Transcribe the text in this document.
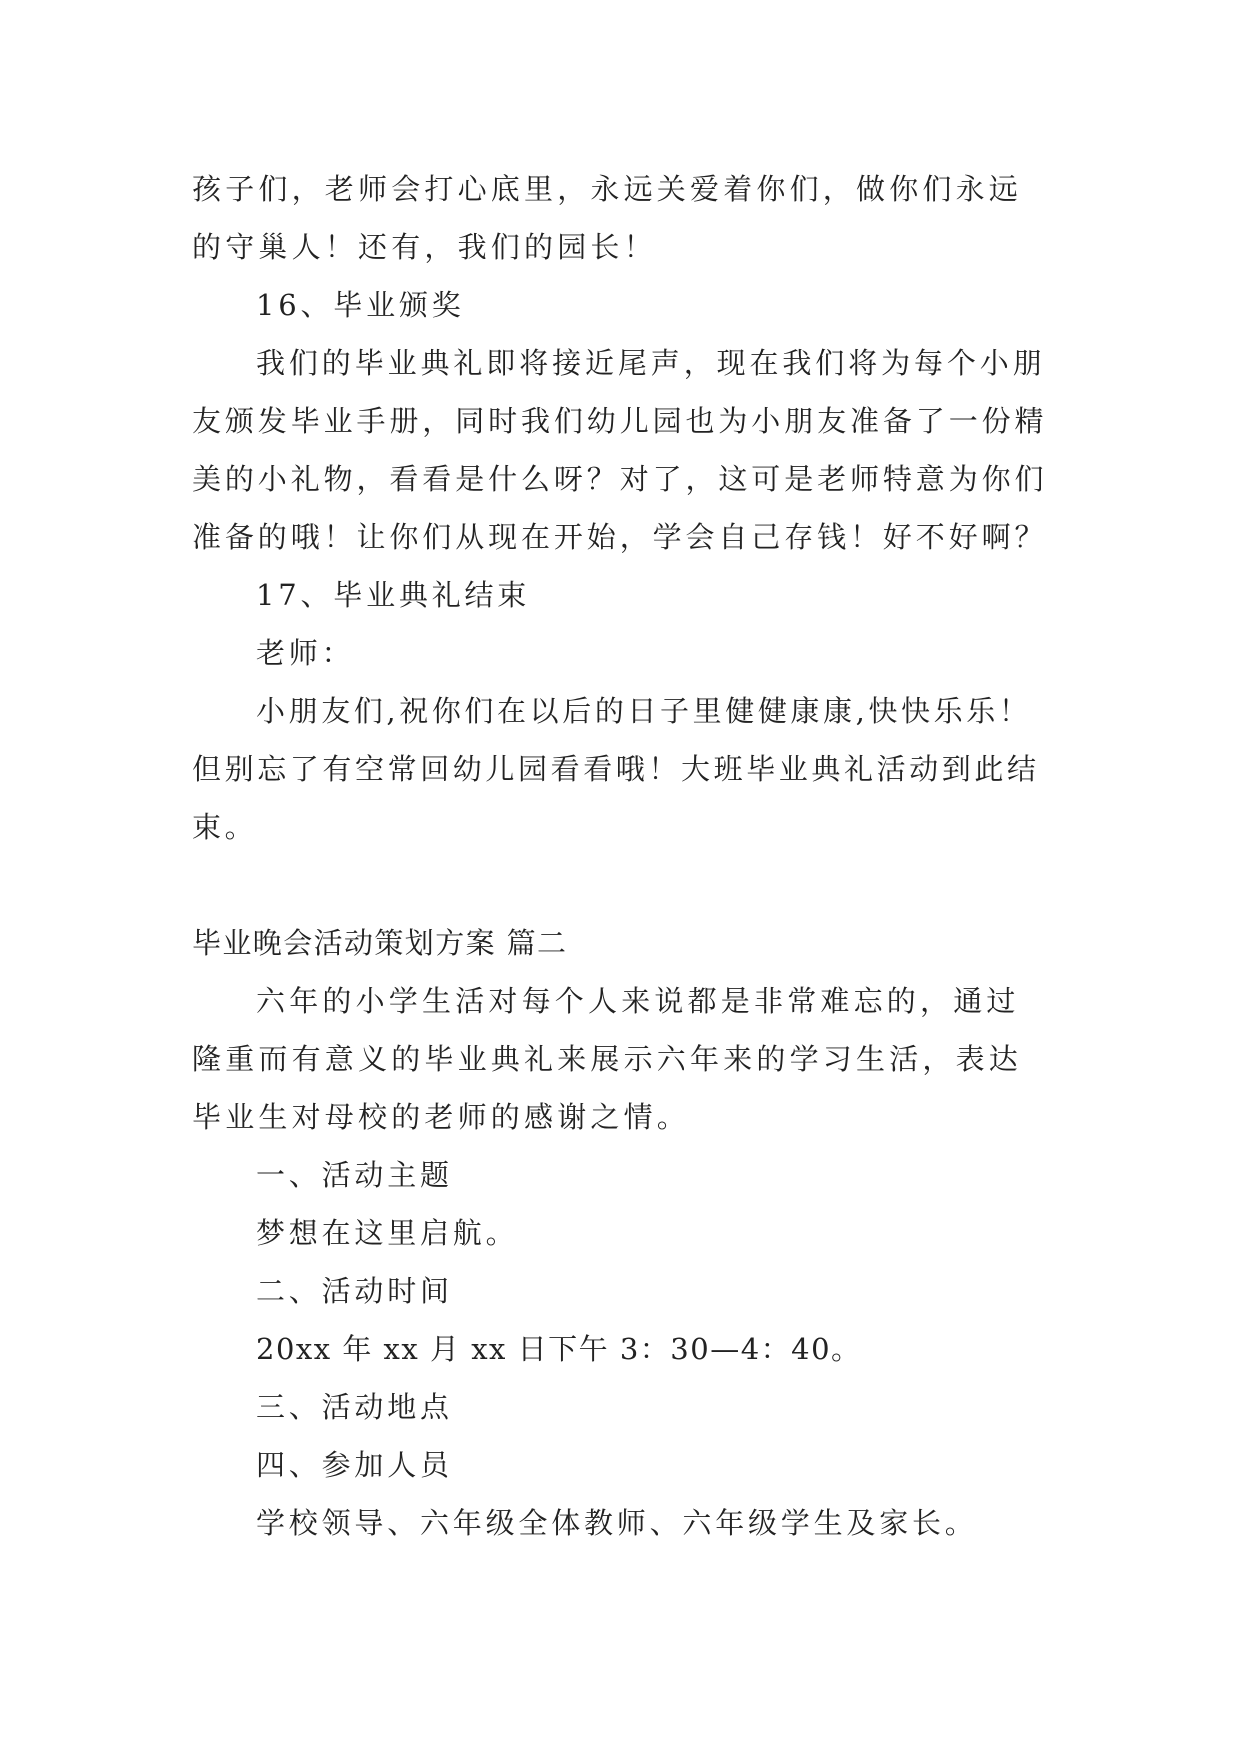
孩子们，老师会打心底里，永远关爱着你们，做你们永远的守巢人！还有，我们的园长！

16、毕业颁奖

我们的毕业典礼即将接近尾声，现在我们将为每个小朋友颁发毕业手册，同时我们幼儿园也为小朋友准备了一份精美的小礼物，看看是什么呀？对了，这可是老师特意为你们准备的哦！让你们从现在开始，学会自己存钱！好不好啊？

17、毕业典礼结束

老师：

小朋友们,祝你们在以后的日子里健健康康,快快乐乐！但别忘了有空常回幼儿园看看哦！大班毕业典礼活动到此结束。

毕业晚会活动策划方案 篇二

六年的小学生活对每个人来说都是非常难忘的，通过隆重而有意义的毕业典礼来展示六年来的学习生活，表达毕业生对母校的老师的感谢之情。

一、活动主题

梦想在这里启航。

二、活动时间

20xx 年 xx 月 xx 日下午 3：30—4：40。

三、活动地点

四、参加人员

学校领导、六年级全体教师、六年级学生及家长。
